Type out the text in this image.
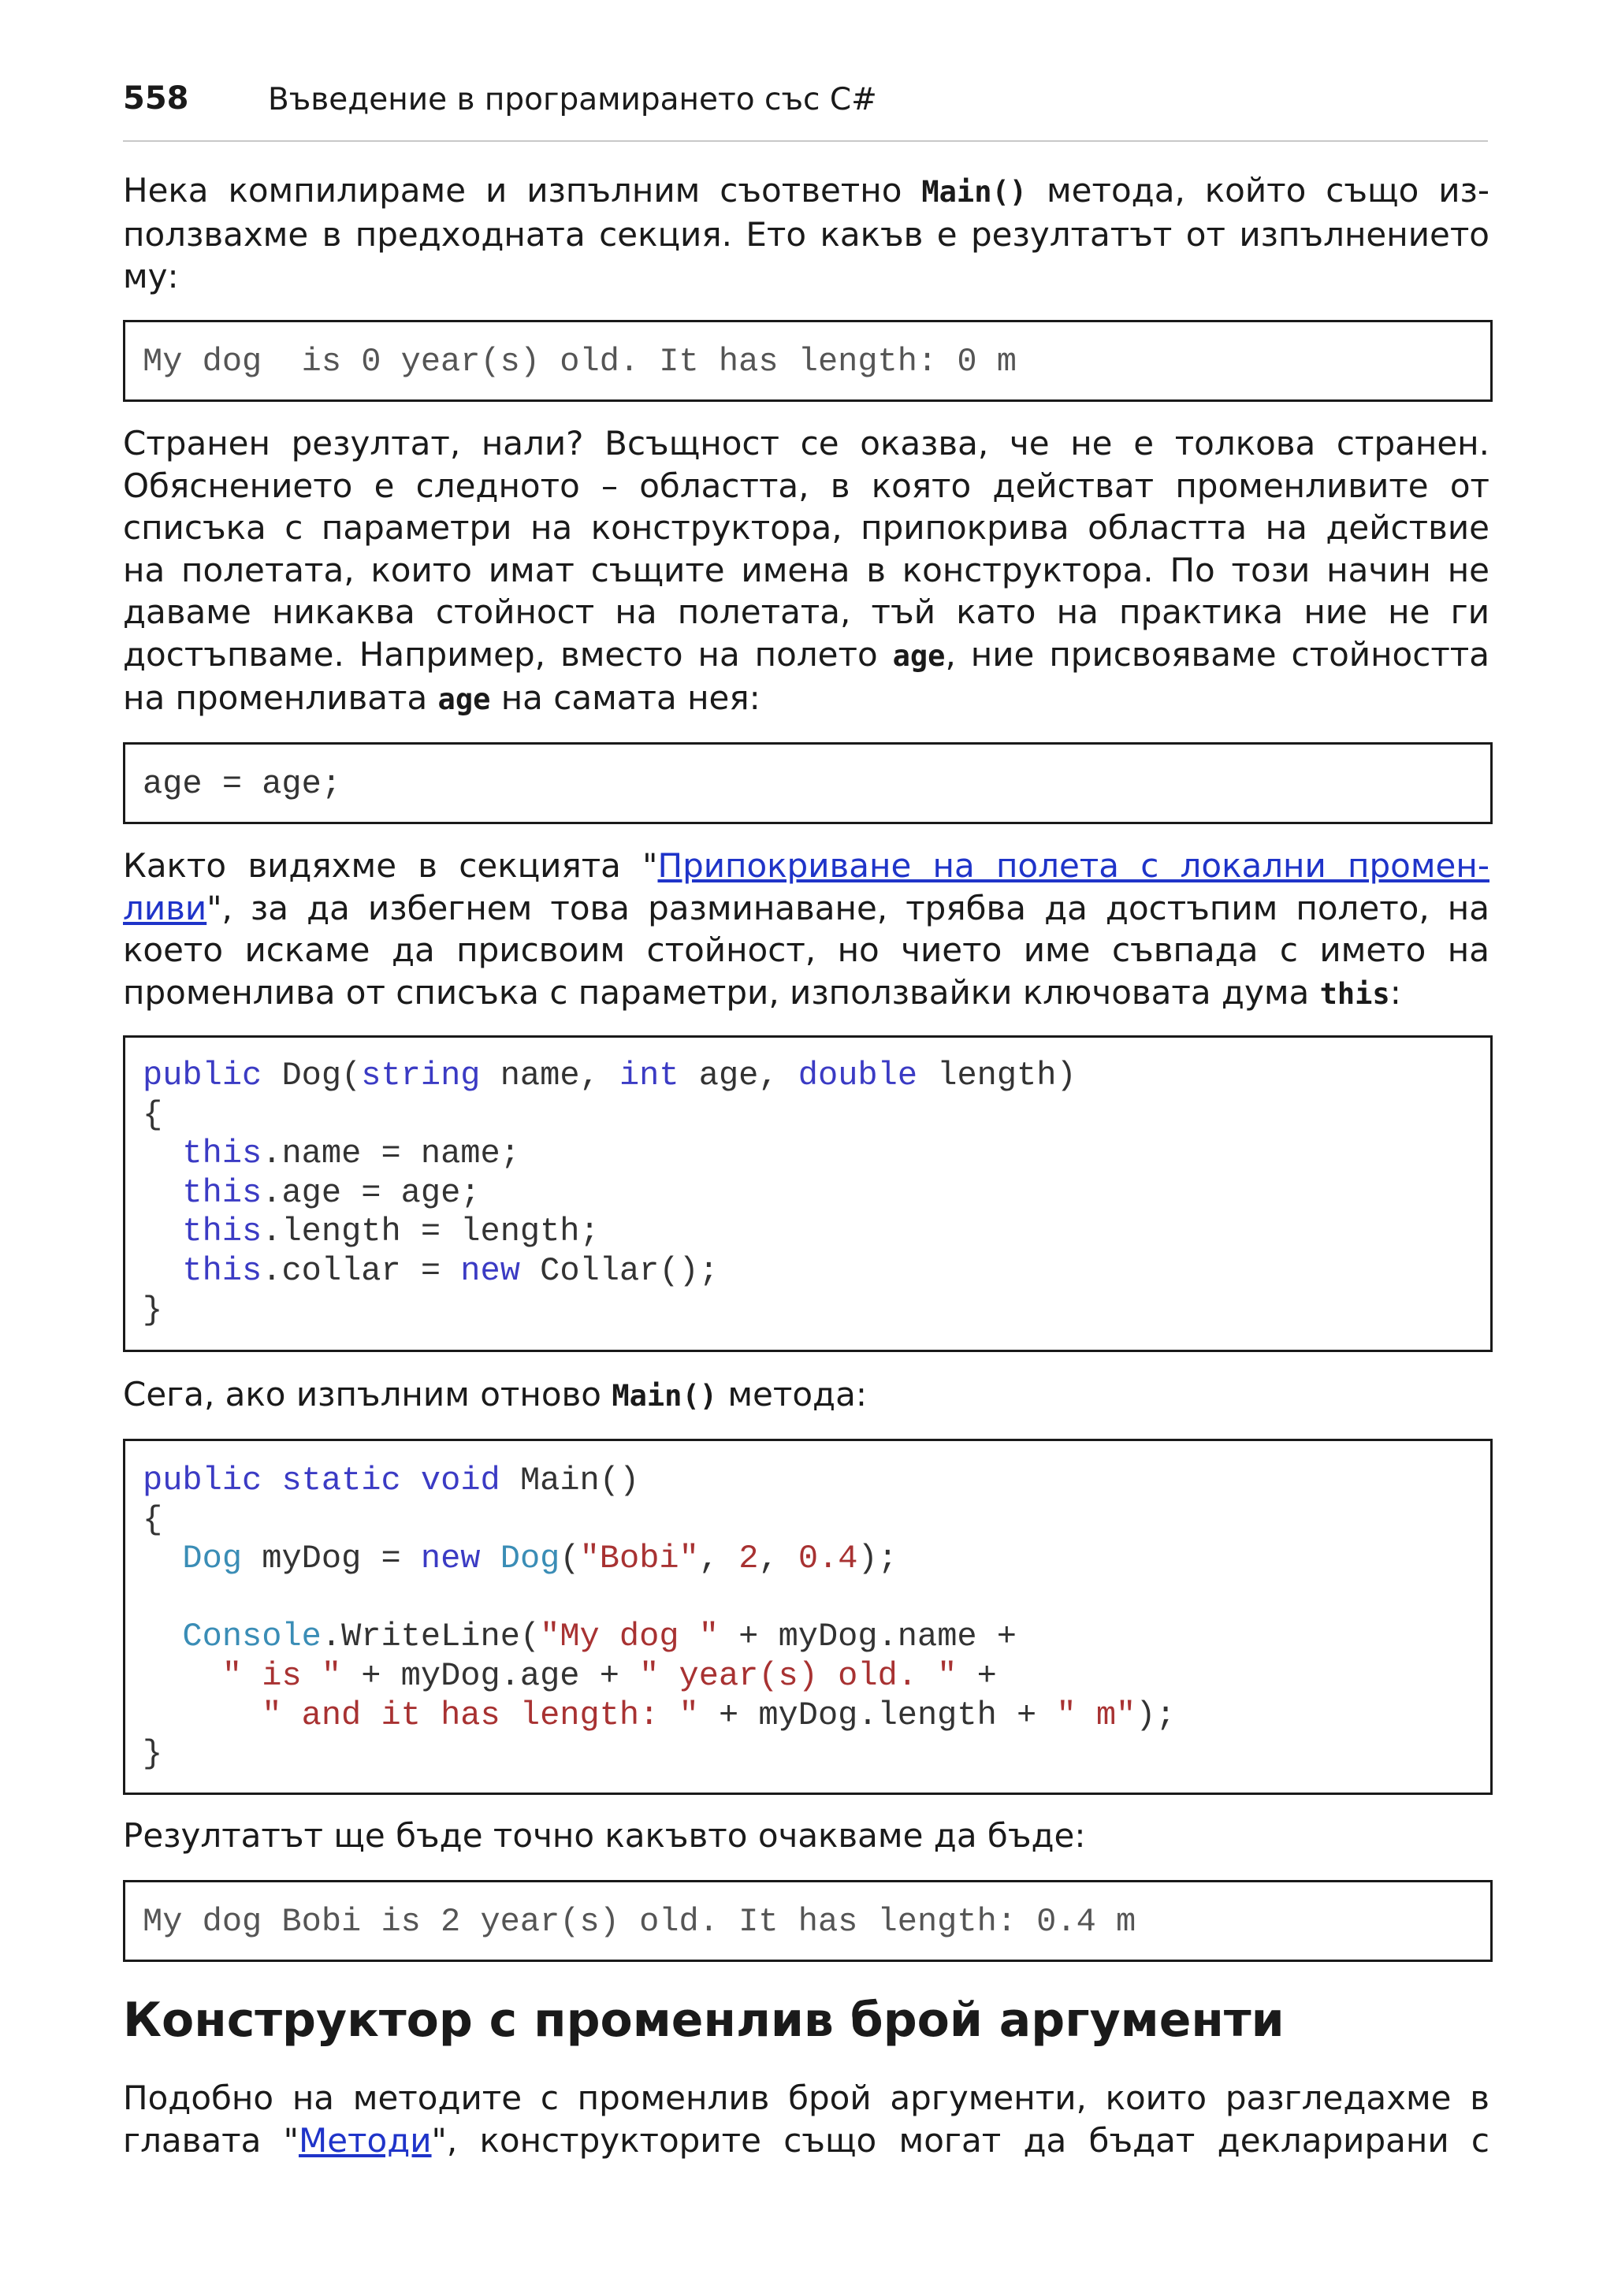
558	Въведение в програмирането със C#
Нека компилираме и изпълним съответно Main() метода, който също из-
ползвахме в предходната секция. Ето какъв е резултатът от изпълнението
му:
My dog  is 0 year(s) old. It has length: 0 m
Странен резултат, нали? Всъщност се оказва, че не е толкова странен.
Обяснението е следното – областта, в която действат променливите от
списъка с параметри на конструктора, припокрива областта на действие
на полетата, които имат същите имена в конструктора. По този начин не
даваме никаква стойност на полетата, тъй като на практика ние не ги
достъпваме. Например, вместо на полето age, ние присвояваме стойността
на променливата age на самата нея:
age = age;
Както видяхме в секцията "Припокриване на полета с локални промен-
ливи", за да избегнем това разминаване, трябва да достъпим полето, на
което искаме да присвоим стойност, но чието име съвпада с името на
променлива от списъка с параметри, използвайки ключовата дума this:
public Dog(string name, int age, double length)
{
this.name = name;
this.age = age;
this.length = length;
this.collar = new Collar();
}
Сега, ако изпълним отново Main() метода:
public static void Main()
{
Dog myDog = new Dog("Bobi", 2, 0.4);

Console.WriteLine("My dog " + myDog.name +
" is " + myDog.age + " year(s) old. " +
" and it has length: " + myDog.length + " m");
}
Резултатът ще бъде точно какъвто очакваме да бъде:
My dog Bobi is 2 year(s) old. It has length: 0.4 m
Конструктор с променлив брой аргументи
Подобно на методите с променлив брой аргументи, които разгледахме в
главата "Методи", конструкторите също могат да бъдат декларирани с
